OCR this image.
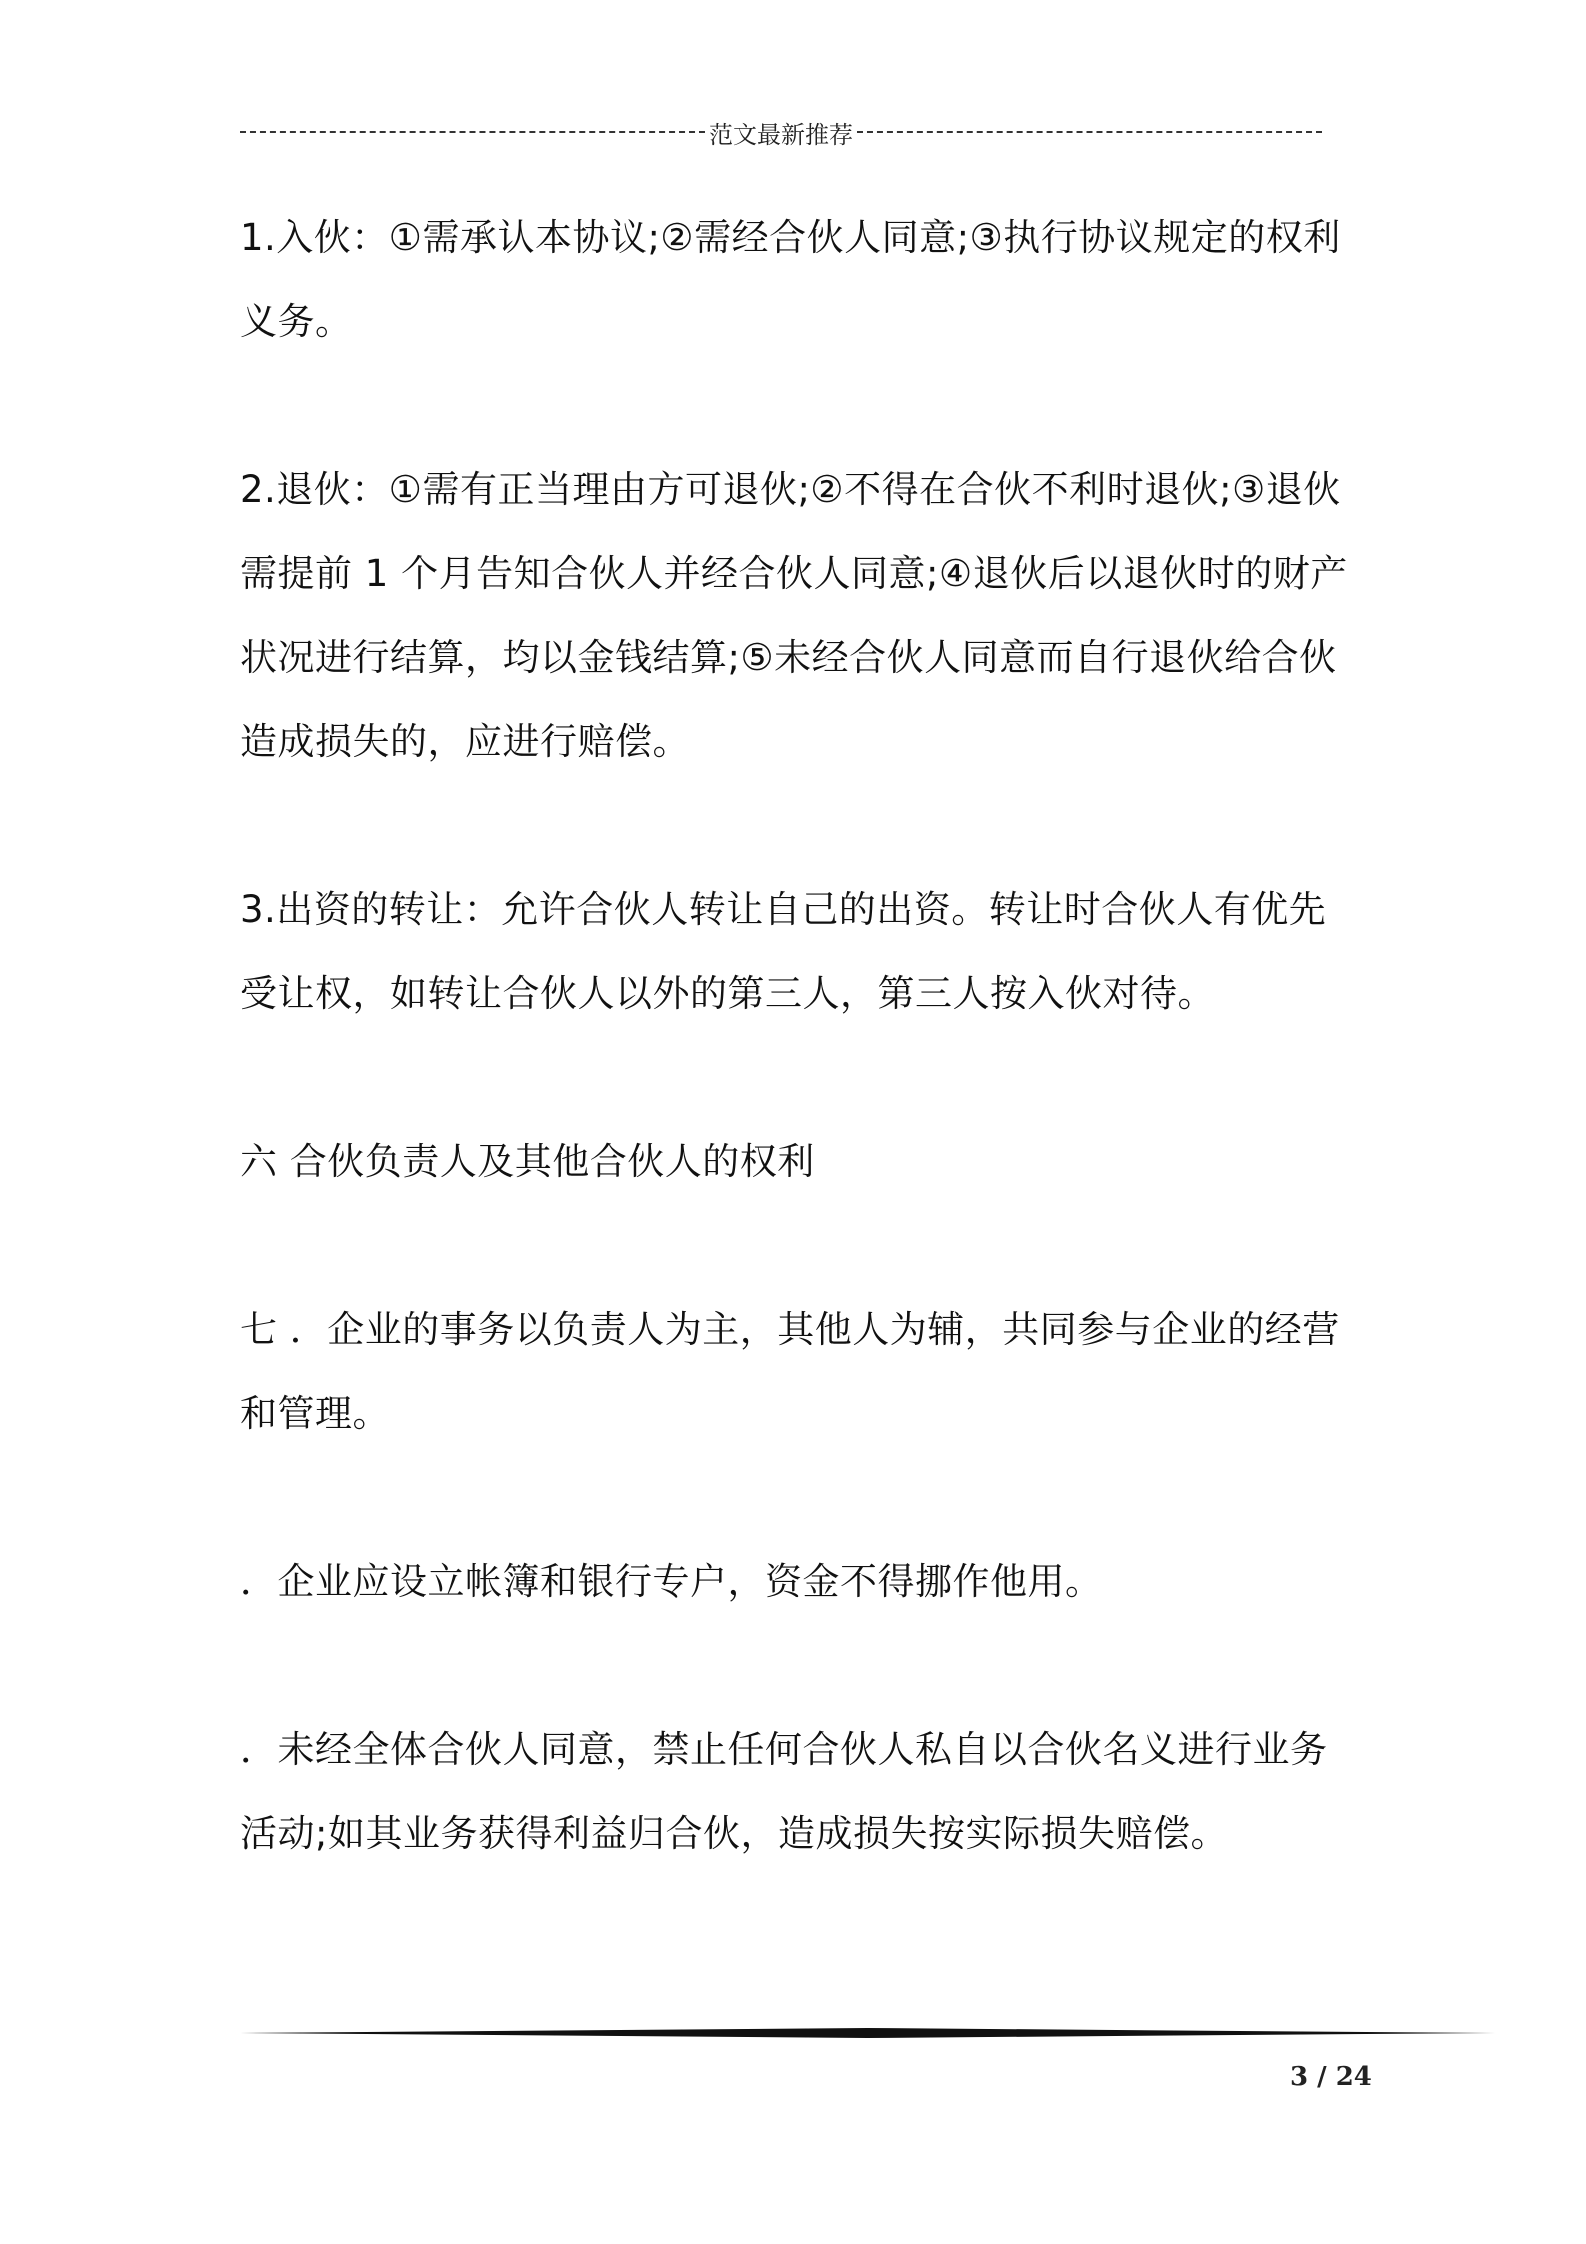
范文最新推荐

1.入伙：①需承认本协议;②需经合伙人同意;③执行协议规定的权利义务。

2.退伙：①需有正当理由方可退伙;②不得在合伙不利时退伙;③退伙需提前 1 个月告知合伙人并经合伙人同意;④退伙后以退伙时的财产状况进行结算，均以金钱结算;⑤未经合伙人同意而自行退伙给合伙造成损失的，应进行赔偿。

3.出资的转让：允许合伙人转让自己的出资。转让时合伙人有优先受让权，如转让合伙人以外的第三人，第三人按入伙对待。

六 合伙负责人及其他合伙人的权利

七 ．企业的事务以负责人为主，其他人为辅，共同参与企业的经营和管理。

．企业应设立帐簿和银行专户，资金不得挪作他用。

．未经全体合伙人同意，禁止任何合伙人私自以合伙名义进行业务活动;如其业务获得利益归合伙，造成损失按实际损失赔偿。

3 / 24
